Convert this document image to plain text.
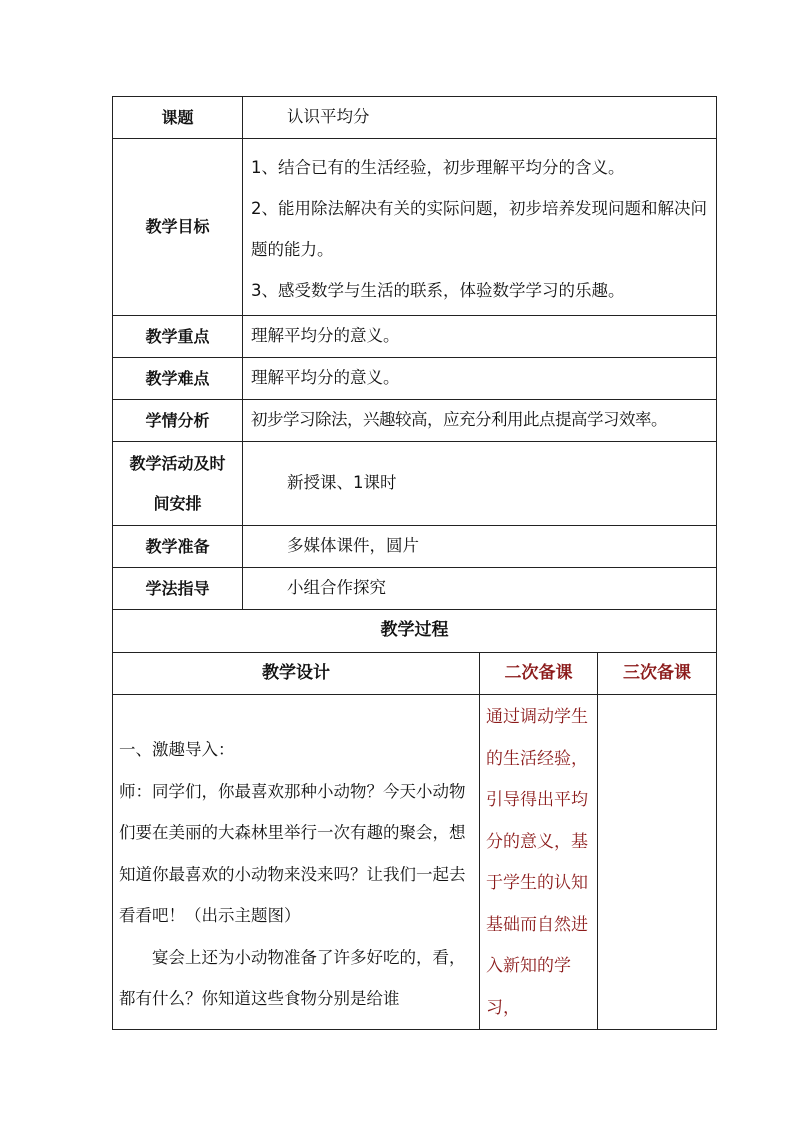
课题	认识平均分		
教学目标	1、结合已有的生活经验，初步理解平均分的含义。
2、能用除法解决有关的实际问题，初步培养发现问题和解决问题的能力。
3、感受数学与生活的联系，体验数学学习的乐趣。		

教学重点	理解平均分的意义。		
教学难点	理解平均分的意义。		
学情分析	初步学习除法，兴趣较高，应充分利用此点提高学习效率。		

教学活动及时
间安排	新授课、1课时		
教学准备	多媒体课件，圆片		
学法指导	小组合作探究		
教学过程			
教学设计		二次备课	三次备课

一、激趣导入：

师：同学们，你最喜欢那种小动物？今天小动物们要在美丽的大森林里举行一次有趣的聚会，想知道你最喜欢的小动物来没来吗？让我们一起去看看吧！（出示主题图）

宴会上还为小动物准备了许多好吃的，看，都有什么？你知道这些食物分别是给谁		通过调动学生的生活经验，引导得出平均分的意义，基于学生的认知基础而自然进入新知的学习，	
